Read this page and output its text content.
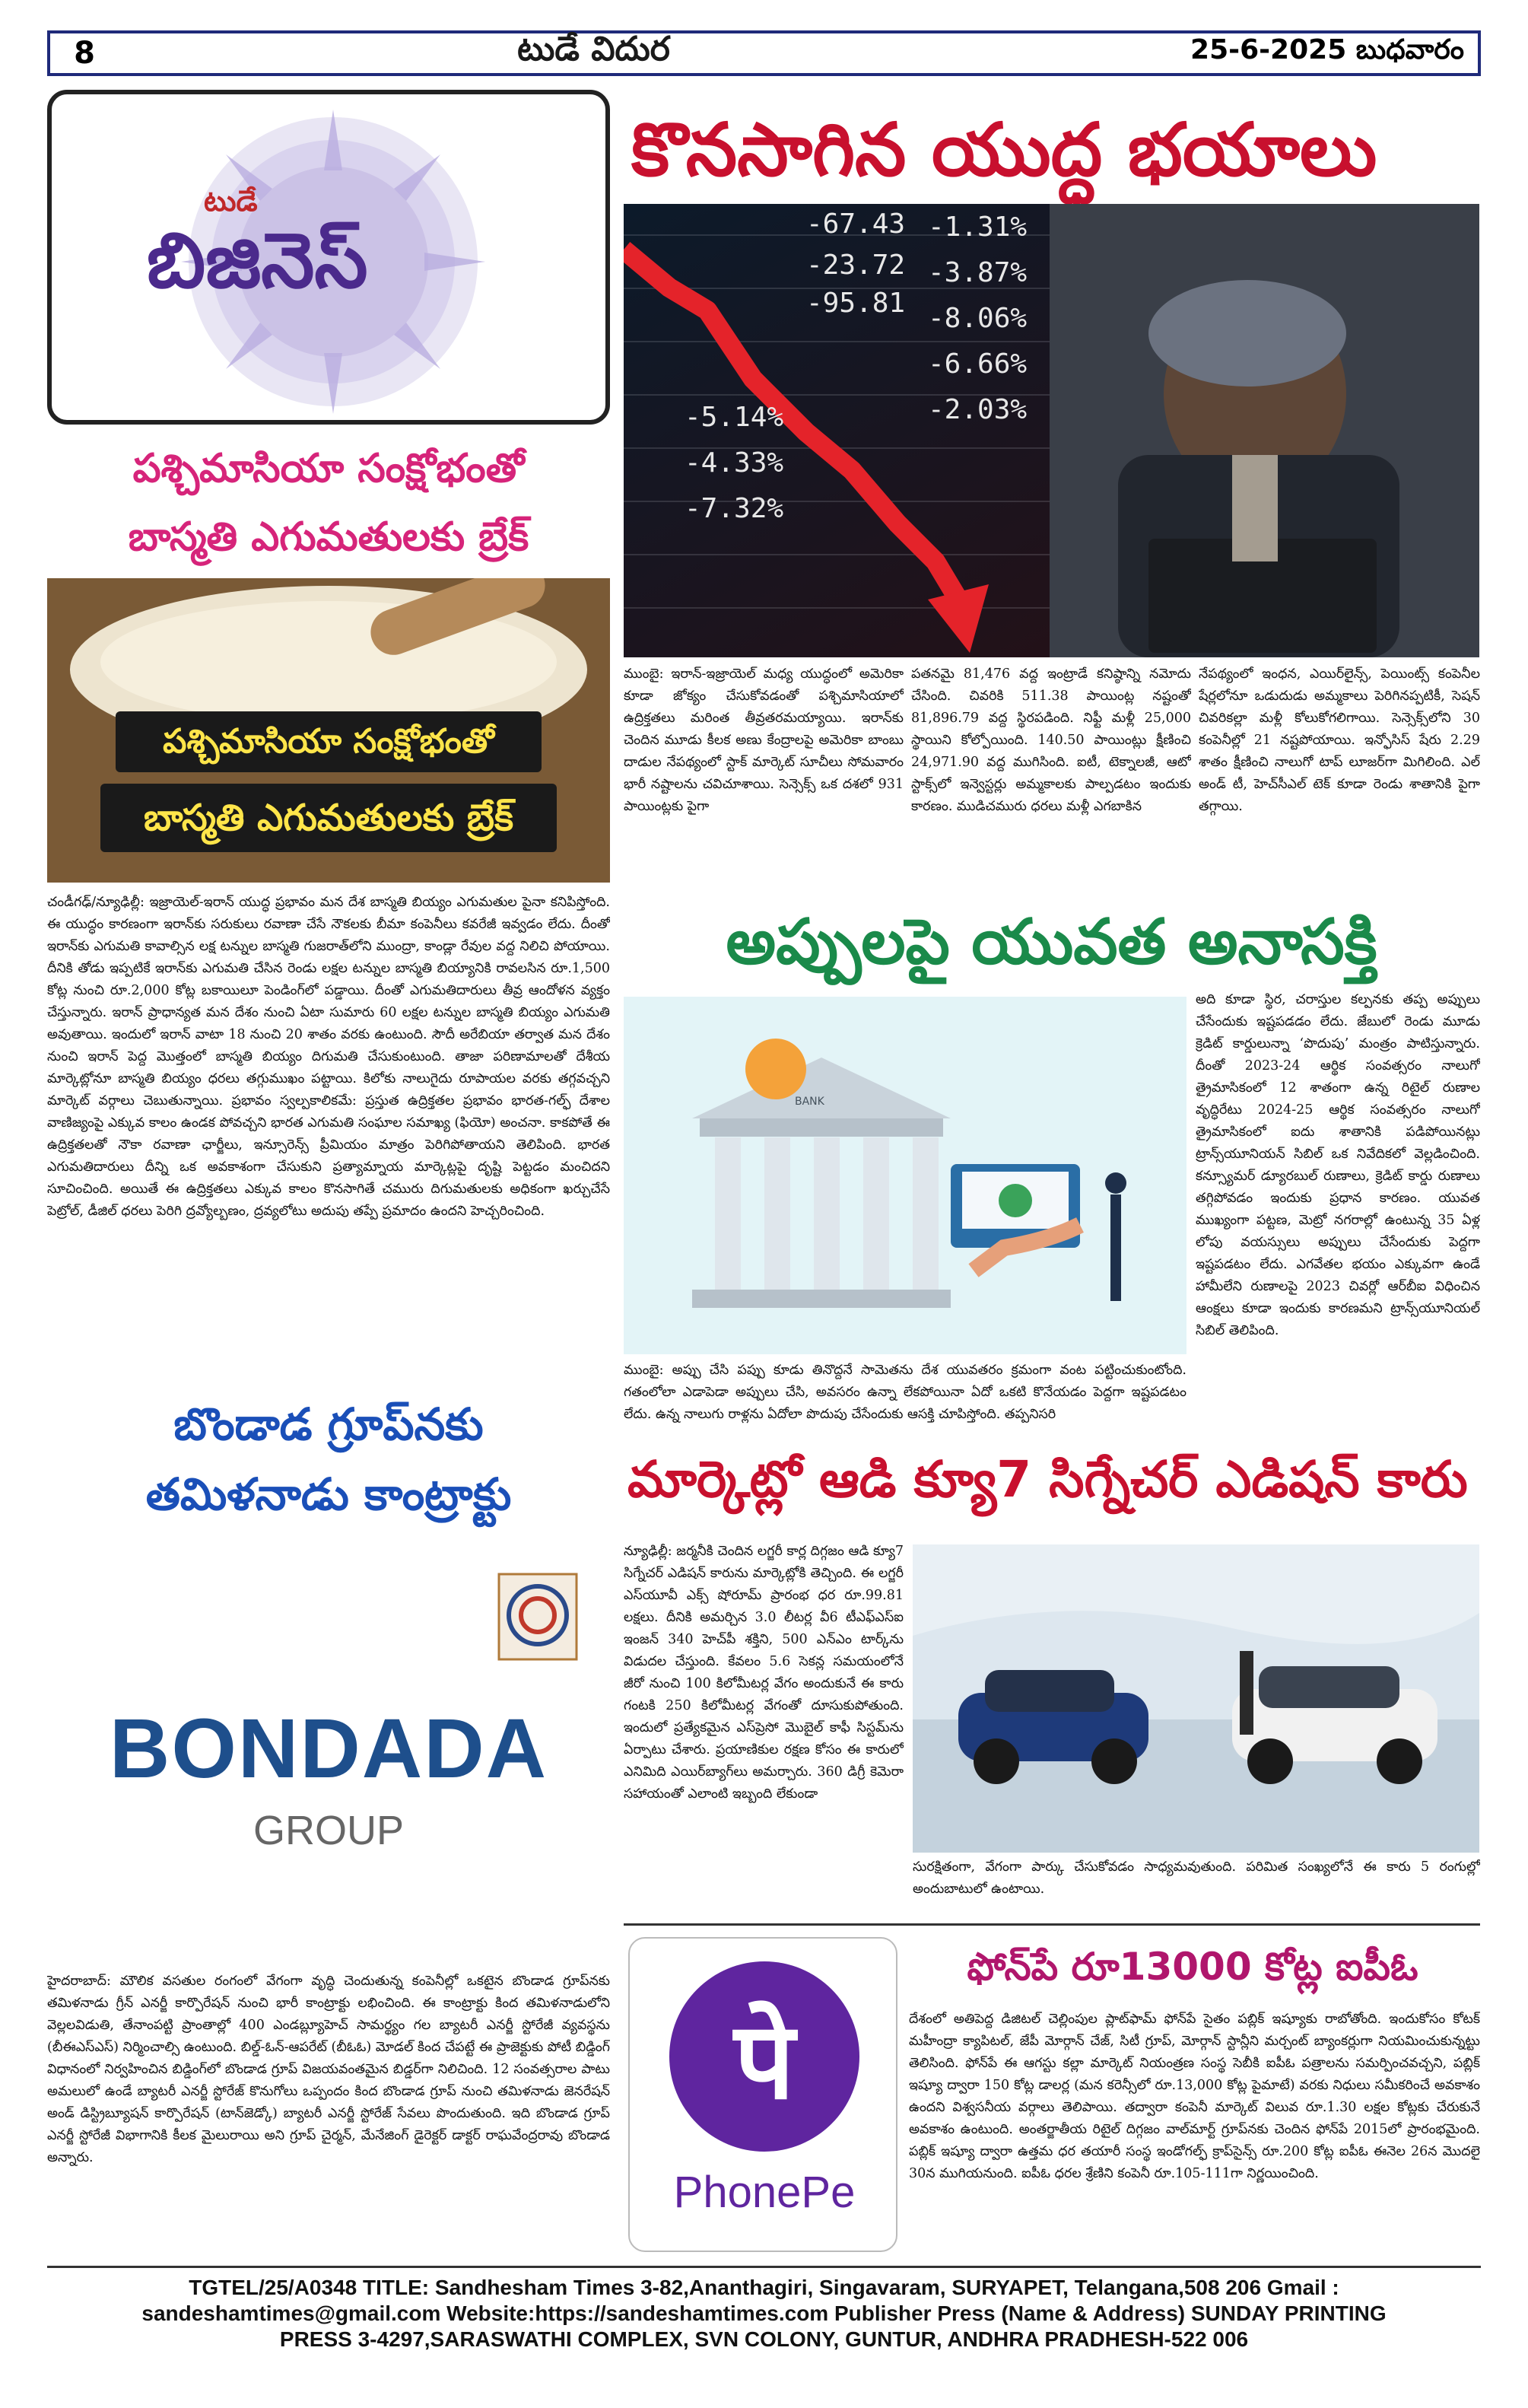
8	టుడే విదుర	25-6-2025 బుధవారం
టుడే
బిజినెస్
కొనసాగిన యుద్ధ భయాలు
-67.43
-23.72
-95.81
-5.14%
-4.33%
-7.32%
-1.31%
-3.87%
-8.06%
-6.66%
-2.03%
ముంబై: ఇరాన్-ఇజ్రాయెల్ మధ్య యుద్ధంలో అమెరికా కూడా జోక్యం చేసుకోవడంతో పశ్చిమాసియాలో ఉద్రిక్తతలు మరింత తీవ్రతరమయ్యాయి. ఇరాన్‌కు చెందిన మూడు కీలక అణు కేంద్రాలపై అమెరికా బాంబు దాడుల నేపథ్యంలో స్టాక్ మార్కెట్ సూచీలు సోమవారం భారీ నష్టాలను చవిచూశాయి. సెన్సెక్స్ ఒక దశలో 931 పాయింట్లకు పైగా
పతనమై 81,476 వద్ద ఇంట్రాడే కనిష్ఠాన్ని నమోదు చేసింది. చివరికి 511.38 పాయింట్ల నష్టంతో 81,896.79 వద్ద స్థిరపడింది. నిఫ్టీ మళ్లీ 25,000 స్థాయిని కోల్పోయింది. 140.50 పాయింట్లు క్షీణించి 24,971.90 వద్ద ముగిసింది. ఐటీ, టెక్నాలజీ, ఆటో స్టాక్స్‌లో ఇన్వెస్టర్లు అమ్మకాలకు పాల్పడటం ఇందుకు కారణం. ముడిచమురు ధరలు మళ్లీ ఎగబాకిన
నేపథ్యంలో ఇంధన, ఎయిర్‌లైన్స్, పెయింట్స్ కంపెనీల షేర్లలోనూ ఒడుదుడు అమ్మకాలు పెరిగినప్పటికీ, సెషన్ చివరికల్లా మళ్లీ కోలుకోగలిగాయి. సెన్సెక్స్‌లోని 30 కంపెనీల్లో 21 నష్టపోయాయి. ఇన్ఫోసిస్ షేరు 2.29 శాతం క్షీణించి నాలుగో టాప్ లూజర్‌గా మిగిలింది. ఎల్ అండ్ టీ, హెచ్‌సీఎల్ టెక్ కూడా రెండు శాతానికి పైగా తగ్గాయి.
పశ్చిమాసియా సంక్షోభంతో
బాస్మతి ఎగుమతులకు బ్రేక్
పశ్చిమాసియా సంక్షోభంతో
బాస్మతి ఎగుమతులకు బ్రేక్
చండీగఢ్/న్యూఢిల్లీ: ఇజ్రాయెల్-ఇరాన్ యుద్ధ ప్రభావం మన దేశ బాస్మతి బియ్యం ఎగుమతుల పైనా కనిపిస్తోంది. ఈ యుద్ధం కారణంగా ఇరాన్‌కు సరుకులు రవాణా చేసే నౌకలకు బీమా కంపెనీలు కవరేజీ ఇవ్వడం లేదు. దీంతో ఇరాన్‌కు ఎగుమతి కావాల్సిన లక్ష టన్నుల బాస్మతి గుజరాత్‌లోని ముంద్రా, కాండ్లా రేవుల వద్ద నిలిచి పోయాయి. దీనికి తోడు ఇప్పటికే ఇరాన్‌కు ఎగుమతి చేసిన రెండు లక్షల టన్నుల బాస్మతి బియ్యానికి రావలసిన రూ.1,500 కోట్ల నుంచి రూ.2,000 కోట్ల బకాయిలూ పెండింగ్‌లో పడ్డాయి. దీంతో ఎగుమతిదారులు తీవ్ర ఆందోళన వ్యక్తం చేస్తున్నారు. ఇరాన్ ప్రాధాన్యత మన దేశం నుంచి ఏటా సుమారు 60 లక్షల టన్నుల బాస్మతి బియ్యం ఎగుమతి అవుతాయి. ఇందులో ఇరాన్ వాటా 18 నుంచి 20 శాతం వరకు ఉంటుంది. సౌదీ అరేబియా తర్వాత మన దేశం నుంచి ఇరాన్ పెద్ద మొత్తంలో బాస్మతి బియ్యం దిగుమతి చేసుకుంటుంది. తాజా పరిణామాలతో దేశీయ మార్కెట్లోనూ బాస్మతి బియ్యం ధరలు తగ్గుముఖం పట్టాయి. కిలోకు నాలుగైదు రూపాయల వరకు తగ్గవచ్చని మార్కెట్ వర్గాలు చెబుతున్నాయి. ప్రభావం స్వల్పకాలికమే: ప్రస్తుత ఉద్రిక్తతల ప్రభావం భారత-గల్ఫ్ దేశాల వాణిజ్యంపై ఎక్కువ కాలం ఉండక పోవచ్చని భారత ఎగుమతి సంఘాల సమాఖ్య (ఫియో) అంచనా. కాకపోతే ఈ ఉద్రిక్తతలతో నౌకా రవాణా ఛార్జీలు, ఇన్సూరెన్స్ ప్రీమియం మాత్రం పెరిగిపోతాయని తెలిపింది. భారత ఎగుమతిదారులు దీన్ని ఒక అవకాశంగా చేసుకుని ప్రత్యామ్నాయ మార్కెట్లపై దృష్టి పెట్టడం మంచిదని సూచించింది. అయితే ఈ ఉద్రిక్తతలు ఎక్కువ కాలం కొనసాగితే చమురు దిగుమతులకు అధికంగా ఖర్చుచేసే పెట్రోల్, డీజిల్ ధరలు పెరిగి ద్రవ్యోల్బణం, ద్రవ్యలోటు అదుపు తప్పే ప్రమాదం ఉందని హెచ్చరించింది.
అప్పులపై యువత అనాసక్తి
BANK
అది కూడా స్థిర, చరాస్తుల కల్పనకు తప్ప అప్పులు చేసేందుకు ఇష్టపడడం లేదు. జేబులో రెండు మూడు క్రెడిట్ కార్డులున్నా ‘పొదుపు’ మంత్రం పాటిస్తున్నారు. దీంతో 2023-24 ఆర్థిక సంవత్సరం నాలుగో త్రైమాసికంలో 12 శాతంగా ఉన్న రిటైల్ రుణాల వృద్ధిరేటు 2024-25 ఆర్థిక సంవత్సరం నాలుగో త్రైమాసికంలో ఐదు శాతానికి పడిపోయినట్లు ట్రాన్స్‌యూనియన్ సిబిల్ ఒక నివేదికలో వెల్లడించింది. కన్స్యూమర్ డ్యూరబుల్ రుణాలు, క్రెడిట్ కార్డు రుణాలు తగ్గిపోవడం ఇందుకు ప్రధాన కారణం. యువత ముఖ్యంగా పట్టణ, మెట్రో నగరాల్లో ఉంటున్న 35 ఏళ్ల లోపు వయస్సులు అప్పులు చేసేందుకు పెద్దగా ఇష్టపడటం లేదు. ఎగవేతల భయం ఎక్కువగా ఉండే హామీలేని రుణాలపై 2023 చివర్లో ఆర్‌బీఐ విధించిన ఆంక్షలు కూడా ఇందుకు కారణమని ట్రాన్స్‌యూనియల్ సిబిల్ తెలిపింది.
ముంబై: అప్పు చేసి పప్పు కూడు తినొద్దనే సామెతను దేశ యువతరం క్రమంగా వంట పట్టించుకుంటోంది. గతంలోలా ఎడాపెడా అప్పులు చేసి, అవసరం ఉన్నా లేకపోయినా ఏదో ఒకటి కొనేయడం పెద్దగా ఇష్టపడటం లేదు. ఉన్న నాలుగు రాళ్లను ఏదోలా పొదుపు చేసేందుకు ఆసక్తి చూపిస్తోంది. తప్పనిసరి
బొండాడ గ్రూప్‌నకు
తమిళనాడు కాంట్రాక్టు
BONDADA
GROUP
హైదరాబాద్: మౌలిక వసతుల రంగంలో వేగంగా వృద్ధి చెందుతున్న కంపెనీల్లో ఒకటైన బొండాడ గ్రూప్‌నకు తమిళనాడు గ్రీన్ ఎనర్జీ కార్పొరేషన్ నుంచి భారీ కాంట్రాక్టు లభించింది. ఈ కాంట్రాక్టు కింద తమిళనాడులోని వెల్లలవిడుతి, తేనాంపట్టి ప్రాంతాల్లో 400 ఎండబ్ల్యూహెచ్ సామర్థ్యం గల బ్యాటరీ ఎనర్జీ స్టోరేజీ వ్యవస్థను (బీఈఎస్ఎస్) నిర్మించాల్సి ఉంటుంది. బిల్డ్-ఓన్-ఆపరేట్ (బీఓఓ) మోడల్ కింద చేపట్టే ఈ ప్రాజెక్టుకు పోటీ బిడ్డింగ్ విధానంలో నిర్వహించిన బిడ్డింగ్‌లో బొండాడ గ్రూప్ విజయవంతమైన బిడ్డర్‌గా నిలిచింది. 12 సంవత్సరాల పాటు అమలులో ఉండే బ్యాటరీ ఎనర్జీ స్టోరేజ్ కొనుగోలు ఒప్పందం కింద బొండాడ గ్రూప్ నుంచి తమిళనాడు జెనరేషన్ అండ్ డిస్ట్రిబ్యూషన్ కార్పొరేషన్ (టాన్‌జెడ్కో) బ్యాటరీ ఎనర్జీ స్టోరేజ్ సేవలు పొందుతుంది. ఇది బొండాడ గ్రూప్ ఎనర్జీ స్టోరేజీ విభాగానికి కీలక మైలురాయి అని గ్రూప్ చైర్మన్, మేనేజింగ్ డైరెక్టర్ డాక్టర్ రాఘవేంద్రరావు బొండాడ అన్నారు.
మార్కెట్లో ఆడి క్యూ7 సిగ్నేచర్ ఎడిషన్ కారు
న్యూఢిల్లీ: జర్మనీకి చెందిన లగ్జరీ కార్ల దిగ్గజం ఆడి క్యూ7 సిగ్నేచర్ ఎడిషన్ కారును మార్కెట్లోకి తెచ్చింది. ఈ లగ్జరీ ఎస్‌యూవీ ఎక్స్ షోరూమ్ ప్రారంభ ధర రూ.99.81 లక్షలు. దీనికి అమర్చిన 3.0 లీటర్ల వీ6 టీఎఫ్ఎస్ఐ ఇంజన్ 340 హెచ్‌పీ శక్తిని, 500 ఎన్ఎం టార్క్‌ను విడుదల చేస్తుంది. కేవలం 5.6 సెకన్ల సమయంలోనే జీరో నుంచి 100 కిలోమీటర్ల వేగం అందుకునే ఈ కారు గంటకి 250 కిలోమీటర్ల వేగంతో దూసుకుపోతుంది. ఇందులో ప్రత్యేకమైన ఎస్‌ప్రెసో మొబైల్ కాఫీ సిస్టమ్‌ను ఏర్పాటు చేశారు. ప్రయాణికుల రక్షణ కోసం ఈ కారులో ఎనిమిది ఎయిర్‌బ్యాగ్‌లు అమర్చారు. 360 డిగ్రీ కెమెరా సహాయంతో ఎలాంటి ఇబ్బంది లేకుండా
సురక్షితంగా, వేగంగా పార్కు చేసుకోవడం సాధ్యమవుతుంది. పరిమిత సంఖ్యలోనే ఈ కారు 5 రంగుల్లో అందుబాటులో ఉంటాయి.
पे
PhonePe
ఫోన్‌పే రూ13000 కోట్ల ఐపీఓ
దేశంలో అతిపెద్ద డిజిటల్ చెల్లింపుల ప్లాట్‌ఫామ్ ఫోన్‌పే సైతం పబ్లిక్ ఇష్యూకు రాబోతోంది. ఇందుకోసం కోటక్ మహీంద్రా క్యాపిటల్, జేపీ మోర్గాన్ చేజ్, సిటీ గ్రూప్, మోర్గాన్ స్టాన్లీని మర్చంట్ బ్యాంకర్లుగా నియమించుకున్నట్టు తెలిసింది. ఫోన్‌పే ఈ ఆగస్టు కల్లా మార్కెట్ నియంత్రణ సంస్థ సెబీకి ఐపీఓ పత్రాలను సమర్పించవచ్చని, పబ్లిక్ ఇష్యూ ద్వారా 150 కోట్ల డాలర్ల (మన కరెన్సీలో రూ.13,000 కోట్ల పైమాటే) వరకు నిధులు సమీకరించే అవకాశం ఉందని విశ్వసనీయ వర్గాలు తెలిపాయి. తద్వారా కంపెనీ మార్కెట్ విలువ రూ.1.30 లక్షల కోట్లకు చేరుకునే అవకాశం ఉంటుంది. అంతర్జాతీయ రిటైల్ దిగ్గజం వాల్‌మార్ట్ గ్రూప్‌నకు చెందిన ఫోన్‌పే 2015లో ప్రారంభమైంది. పబ్లిక్ ఇష్యూ ద్వారా ఉత్తమ ధర తయారీ సంస్థ ఇండోగల్ఫ్ క్రాప్‌సైన్స్ రూ.200 కోట్ల ఐపీఓ ఈనెల 26న మొదలై 30న ముగియనుంది. ఐపీఓ ధరల శ్రేణిని కంపెనీ రూ.105-111గా నిర్ణయించింది.
TGTEL/25/A0348 TITLE: Sandhesham Times 3-82,Ananthagiri, Singavaram, SURYAPET, Telangana,508 206 Gmail :
sandeshamtimes@gmail.com Website:https://sandeshamtimes.com Publisher Press (Name & Address) SUNDAY PRINTING
PRESS 3-4297,SARASWATHI COMPLEX, SVN COLONY, GUNTUR, ANDHRA PRADHESH-522 006
